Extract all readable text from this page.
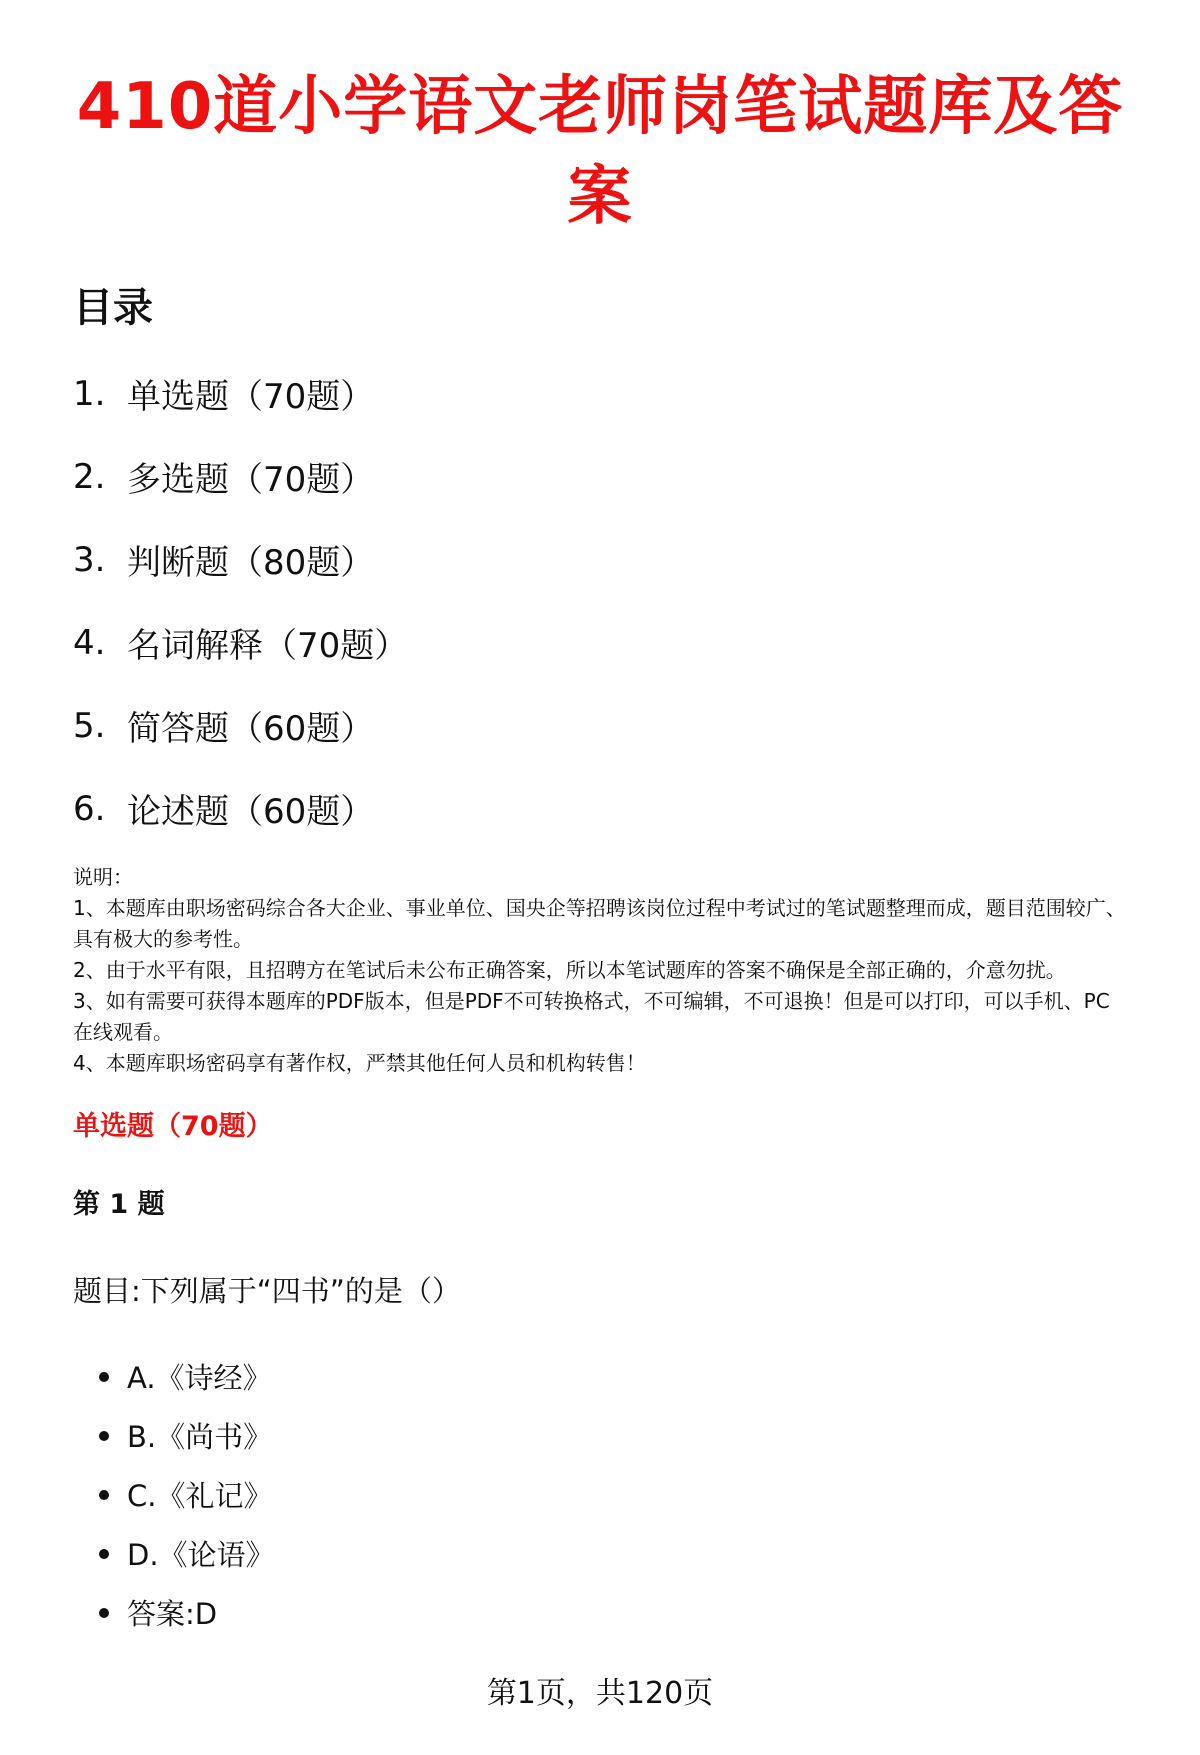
410道小学语文老师岗笔试题库及答案
目录
1. 单选题（70题）
2. 多选题（70题）
3. 判断题（80题）
4. 名词解释（70题）
5. 简答题（60题）
6. 论述题（60题）

说明：

1、本题库由职场密码综合各大企业、事业单位、国央企等招聘该岗位过程中考试过的笔试题整理而成，题目范围较广、具有极大的参考性。

2、由于水平有限，且招聘方在笔试后未公布正确答案，所以本笔试题库的答案不确保是全部正确的，介意勿扰。

3、如有需要可获得本题库的PDF版本，但是PDF不可转换格式，不可编辑，不可退换！但是可以打印，可以手机、PC在线观看。

4、本题库职场密码享有著作权，严禁其他任何人员和机构转售！

单选题（70题）
第 1 题

题目:下列属于“四书”的是（）

A.《诗经》
B.《尚书》
C.《礼记》
D.《论语》
答案:D
第1页，共120页
